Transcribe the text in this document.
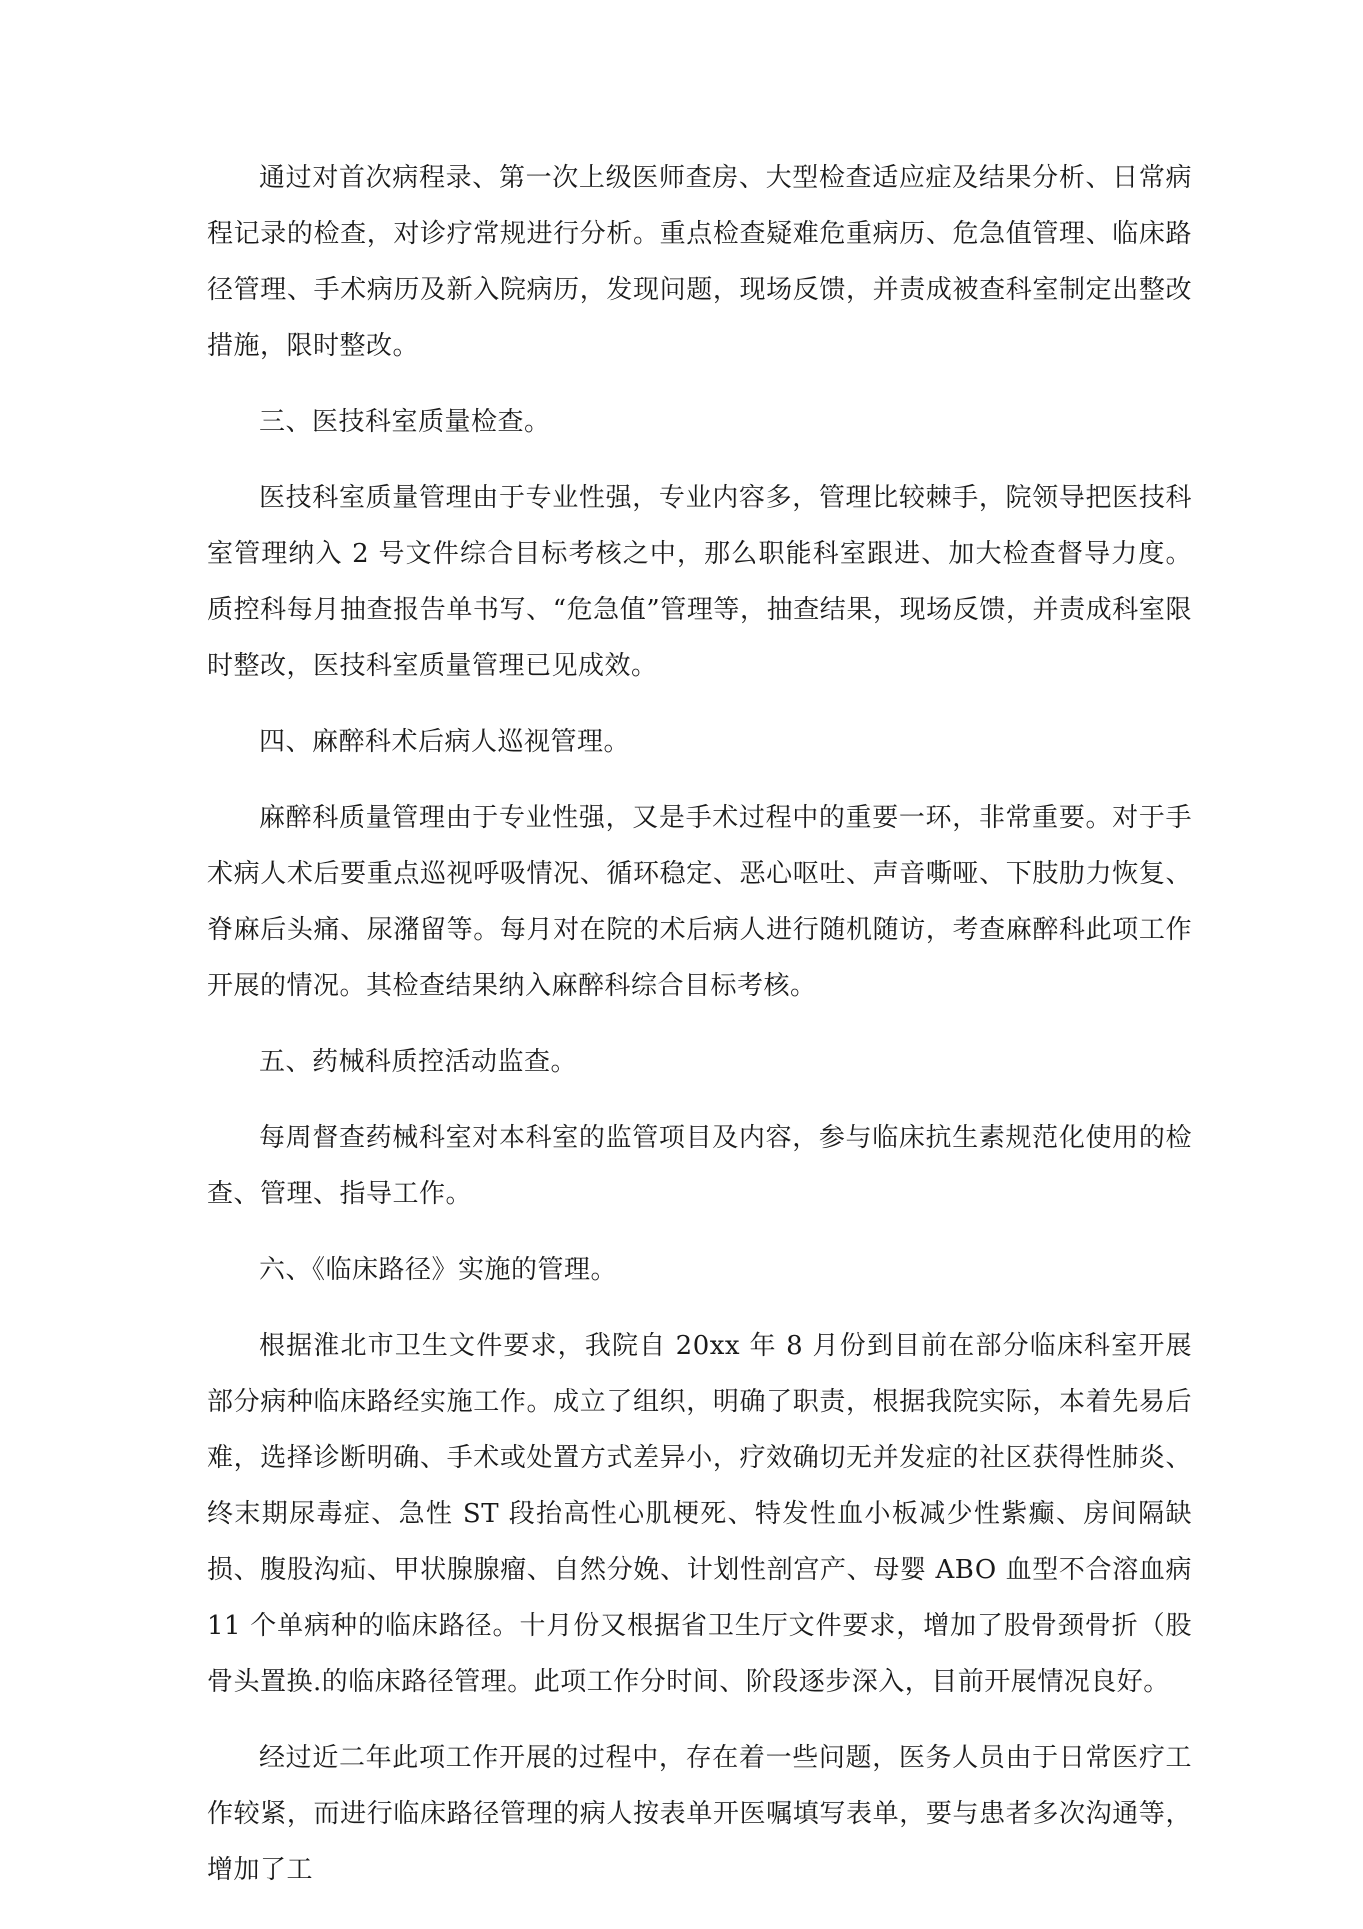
通过对首次病程录、第一次上级医师查房、大型检查适应症及结果分析、日常病程记录的检查，对诊疗常规进行分析。重点检查疑难危重病历、危急值管理、临床路径管理、手术病历及新入院病历，发现问题，现场反馈，并责成被查科室制定出整改措施，限时整改。

三、医技科室质量检查。

医技科室质量管理由于专业性强，专业内容多，管理比较棘手，院领导把医技科室管理纳入 2 号文件综合目标考核之中，那么职能科室跟进、加大检查督导力度。质控科每月抽查报告单书写、“危急值”管理等，抽查结果，现场反馈，并责成科室限时整改，医技科室质量管理已见成效。

四、麻醉科术后病人巡视管理。

麻醉科质量管理由于专业性强，又是手术过程中的重要一环，非常重要。对于手术病人术后要重点巡视呼吸情况、循环稳定、恶心呕吐、声音嘶哑、下肢肋力恢复、脊麻后头痛、尿潴留等。每月对在院的术后病人进行随机随访，考查麻醉科此项工作开展的情况。其检查结果纳入麻醉科综合目标考核。

五、药械科质控活动监查。

每周督查药械科室对本科室的监管项目及内容，参与临床抗生素规范化使用的检查、管理、指导工作。

六、《临床路径》实施的管理。

根据淮北市卫生文件要求，我院自 20xx 年 8 月份到目前在部分临床科室开展部分病种临床路经实施工作。成立了组织，明确了职责，根据我院实际，本着先易后难，选择诊断明确、手术或处置方式差异小，疗效确切无并发症的社区获得性肺炎、终末期尿毒症、急性 ST 段抬高性心肌梗死、特发性血小板减少性紫癫、房间隔缺损、腹股沟疝、甲状腺腺瘤、自然分娩、计划性剖宫产、母婴 ABO 血型不合溶血病 11 个单病种的临床路径。十月份又根据省卫生厅文件要求，增加了股骨颈骨折（股骨头置换.的临床路径管理。此项工作分时间、阶段逐步深入，目前开展情况良好。

经过近二年此项工作开展的过程中，存在着一些问题，医务人员由于日常医疗工作较紧，而进行临床路径管理的病人按表单开医嘱填写表单，要与患者多次沟通等，增加了工
